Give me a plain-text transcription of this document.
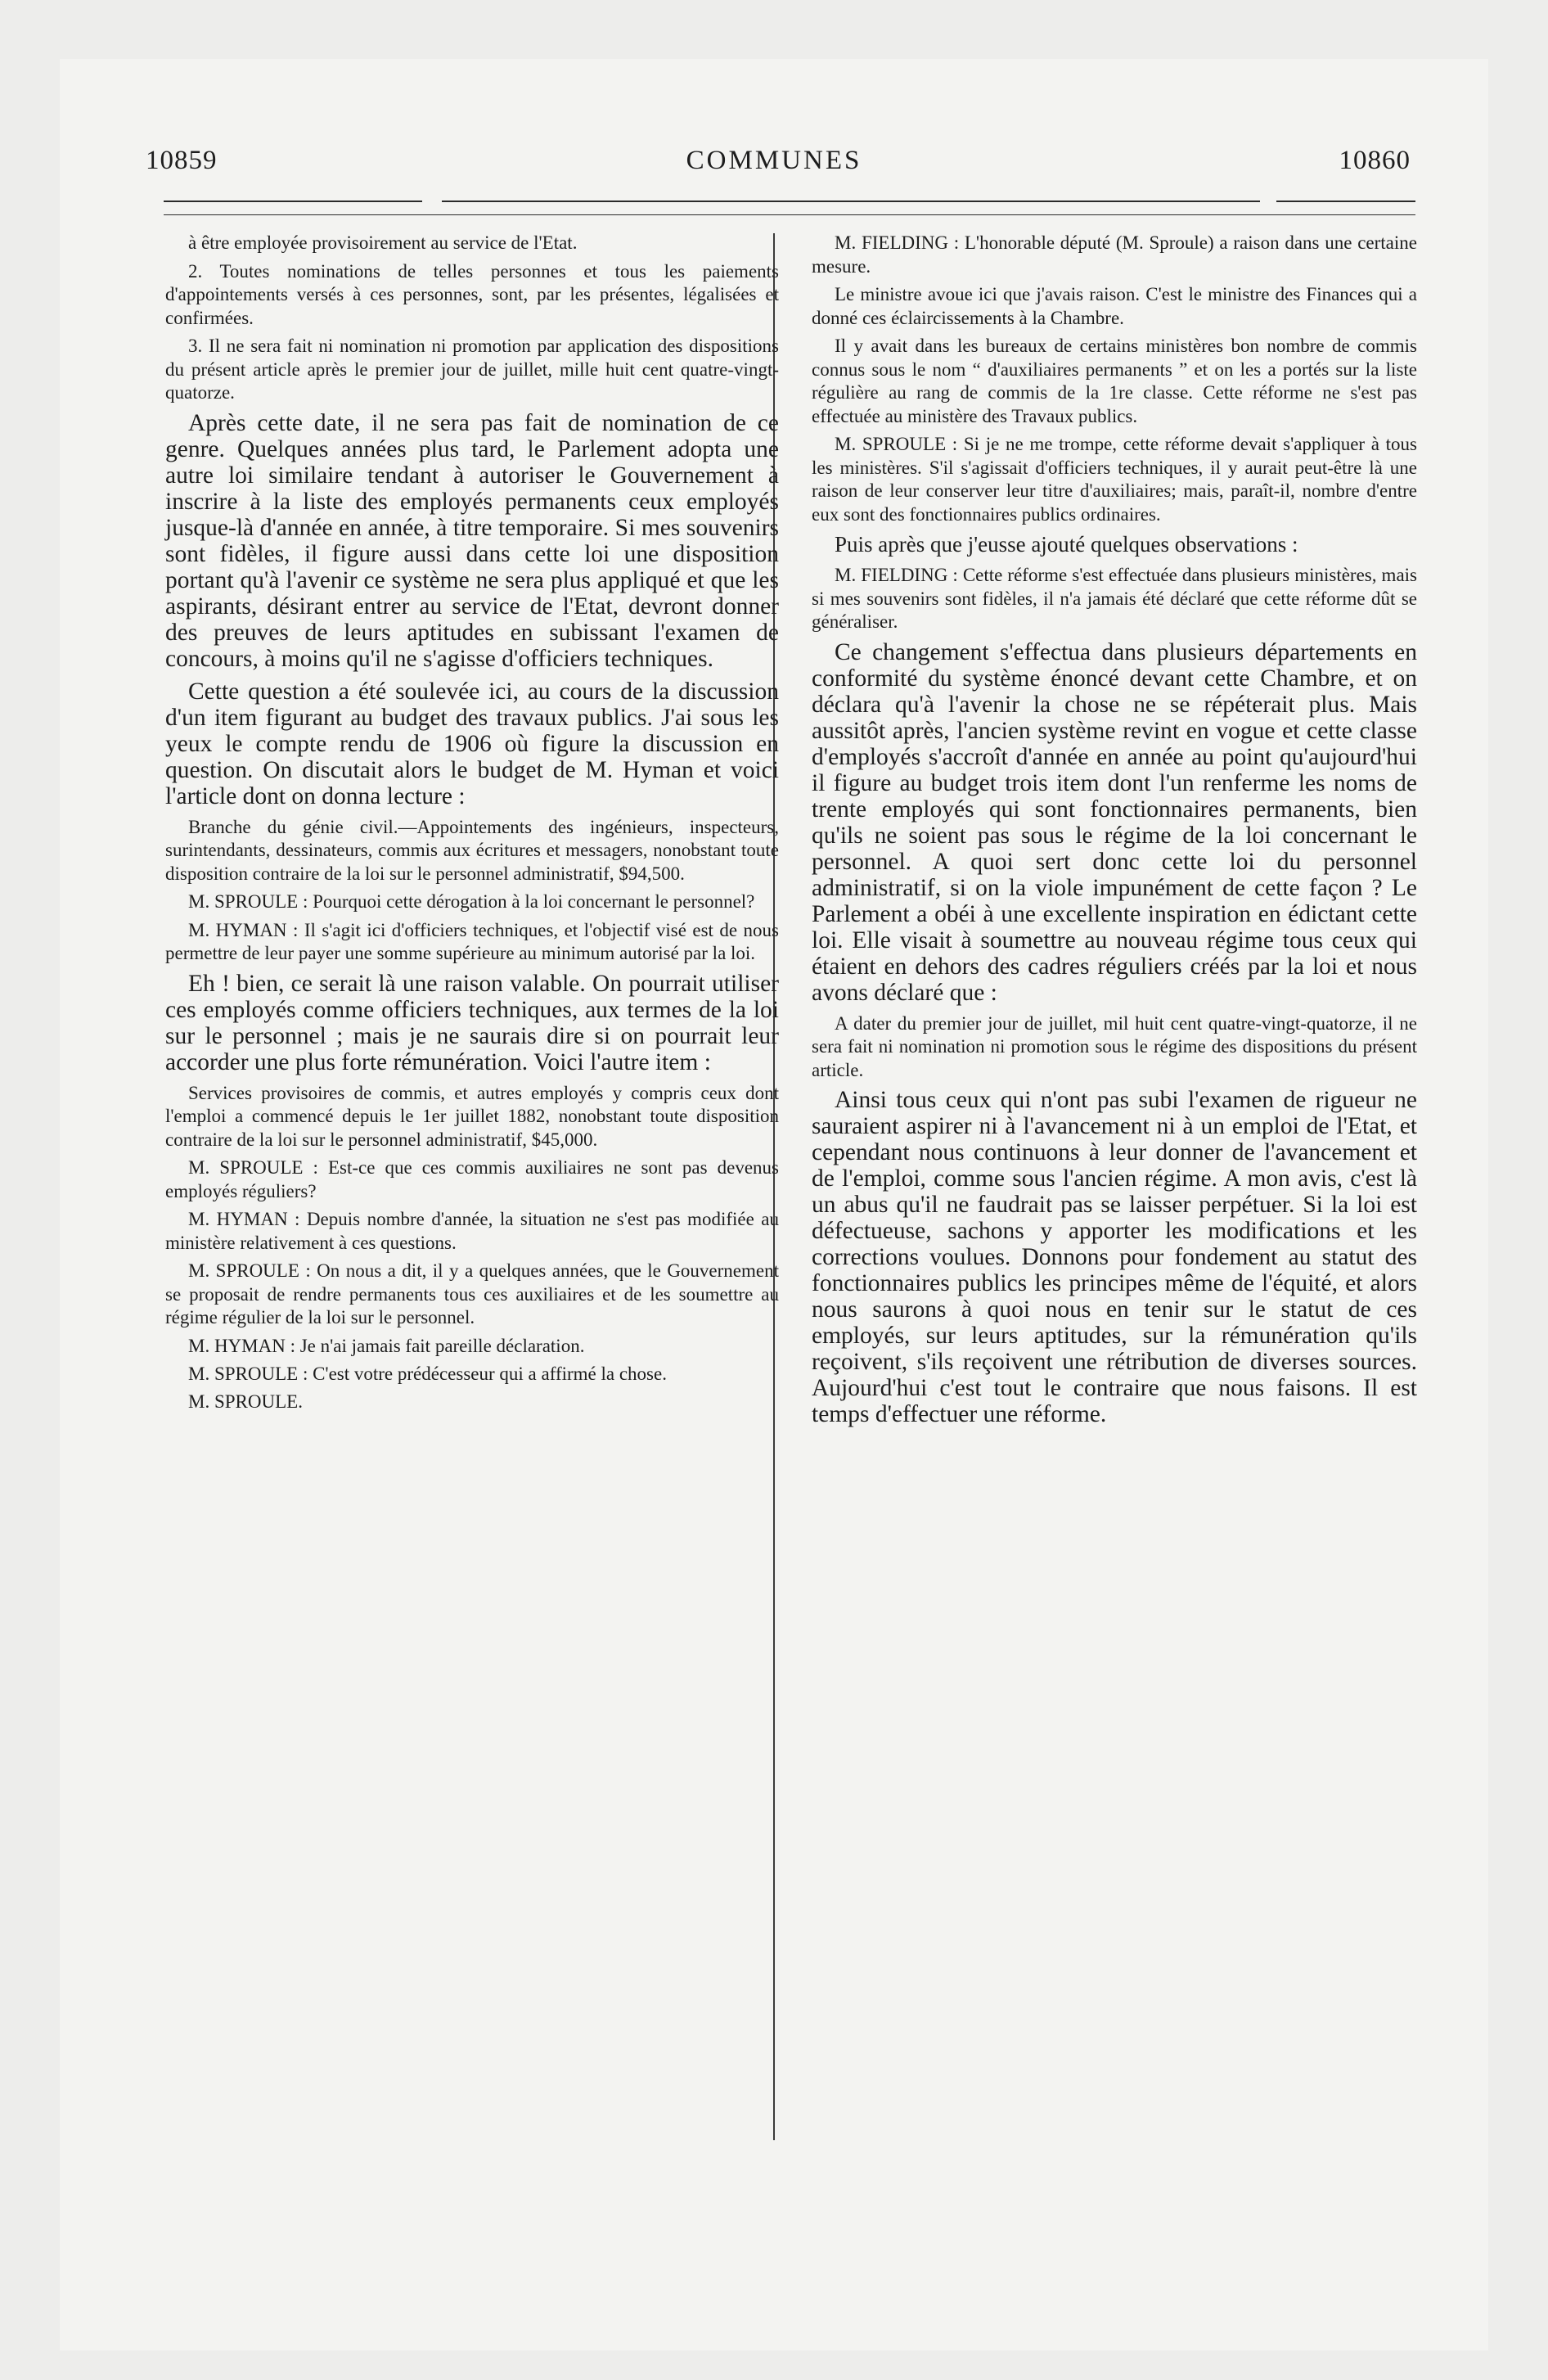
10859	COMMUNES	10860

à être employée provisoirement au service de l'Etat.

2. Toutes nominations de telles personnes et tous les paiements d'appointements versés à ces personnes, sont, par les présentes, légalisées et confirmées.

3. Il ne sera fait ni nomination ni promotion par application des dispositions du présent article après le premier jour de juillet, mille huit cent quatre-vingt-quatorze.

Après cette date, il ne sera pas fait de nomination de ce genre. Quelques années plus tard, le Parlement adopta une autre loi similaire tendant à autoriser le Gouvernement à inscrire à la liste des employés permanents ceux employés jusque-là d'année en année, à titre temporaire. Si mes souvenirs sont fidèles, il figure aussi dans cette loi une disposition portant qu'à l'avenir ce système ne sera plus appliqué et que les aspirants, désirant entrer au service de l'Etat, devront donner des preuves de leurs aptitudes en subissant l'examen de concours, à moins qu'il ne s'agisse d'officiers techniques.

Cette question a été soulevée ici, au cours de la discussion d'un item figurant au budget des travaux publics. J'ai sous les yeux le compte rendu de 1906 où figure la discussion en question. On discutait alors le budget de M. Hyman et voici l'article dont on donna lecture :

Branche du génie civil.—Appointements des ingénieurs, inspecteurs, surintendants, dessinateurs, commis aux écritures et messagers, nonobstant toute disposition contraire de la loi sur le personnel administratif, $94,500.

M. SPROULE : Pourquoi cette dérogation à la loi concernant le personnel?

M. HYMAN : Il s'agit ici d'officiers techniques, et l'objectif visé est de nous permettre de leur payer une somme supérieure au minimum autorisé par la loi.

Eh ! bien, ce serait là une raison valable. On pourrait utiliser ces employés comme officiers techniques, aux termes de la loi sur le personnel ; mais je ne saurais dire si on pourrait leur accorder une plus forte rémunération. Voici l'autre item :

Services provisoires de commis, et autres employés y compris ceux dont l'emploi a commencé depuis le 1er juillet 1882, nonobstant toute disposition contraire de la loi sur le personnel administratif, $45,000.

M. SPROULE : Est-ce que ces commis auxiliaires ne sont pas devenus employés réguliers?

M. HYMAN : Depuis nombre d'année, la situation ne s'est pas modifiée au ministère relativement à ces questions.

M. SPROULE : On nous a dit, il y a quelques années, que le Gouvernement se proposait de rendre permanents tous ces auxiliaires et de les soumettre au régime régulier de la loi sur le personnel.

M. HYMAN : Je n'ai jamais fait pareille déclaration.

M. SPROULE : C'est votre prédécesseur qui a affirmé la chose.

M. SPROULE.

M. FIELDING : L'honorable député (M. Sproule) a raison dans une certaine mesure.

Le ministre avoue ici que j'avais raison. C'est le ministre des Finances qui a donné ces éclaircissements à la Chambre.

Il y avait dans les bureaux de certains ministères bon nombre de commis connus sous le nom “ d'auxiliaires permanents ” et on les a portés sur la liste régulière au rang de commis de la 1re classe. Cette réforme ne s'est pas effectuée au ministère des Travaux publics.

M. SPROULE : Si je ne me trompe, cette réforme devait s'appliquer à tous les ministères. S'il s'agissait d'officiers techniques, il y aurait peut-être là une raison de leur conserver leur titre d'auxiliaires; mais, paraît-il, nombre d'entre eux sont des fonctionnaires publics ordinaires.

Puis après que j'eusse ajouté quelques observations :

M. FIELDING : Cette réforme s'est effectuée dans plusieurs ministères, mais si mes souvenirs sont fidèles, il n'a jamais été déclaré que cette réforme dût se généraliser.

Ce changement s'effectua dans plusieurs départements en conformité du système énoncé devant cette Chambre, et on déclara qu'à l'avenir la chose ne se répéterait plus. Mais aussitôt après, l'ancien système revint en vogue et cette classe d'employés s'accroît d'année en année au point qu'aujourd'hui il figure au budget trois item dont l'un renferme les noms de trente employés qui sont fonctionnaires permanents, bien qu'ils ne soient pas sous le régime de la loi concernant le personnel. A quoi sert donc cette loi du personnel administratif, si on la viole impunément de cette façon ? Le Parlement a obéi à une excellente inspiration en édictant cette loi. Elle visait à soumettre au nouveau régime tous ceux qui étaient en dehors des cadres réguliers créés par la loi et nous avons déclaré que :

A dater du premier jour de juillet, mil huit cent quatre-vingt-quatorze, il ne sera fait ni nomination ni promotion sous le régime des dispositions du présent article.

Ainsi tous ceux qui n'ont pas subi l'examen de rigueur ne sauraient aspirer ni à l'avancement ni à un emploi de l'Etat, et cependant nous continuons à leur donner de l'avancement et de l'emploi, comme sous l'ancien régime. A mon avis, c'est là un abus qu'il ne faudrait pas se laisser perpétuer. Si la loi est défectueuse, sachons y apporter les modifications et les corrections voulues. Donnons pour fondement au statut des fonctionnaires publics les principes même de l'équité, et alors nous saurons à quoi nous en tenir sur le statut de ces employés, sur leurs aptitudes, sur la rémunération qu'ils reçoivent, s'ils reçoivent une rétribution de diverses sources. Aujourd'hui c'est tout le contraire que nous faisons. Il est temps d'effectuer une réforme.
